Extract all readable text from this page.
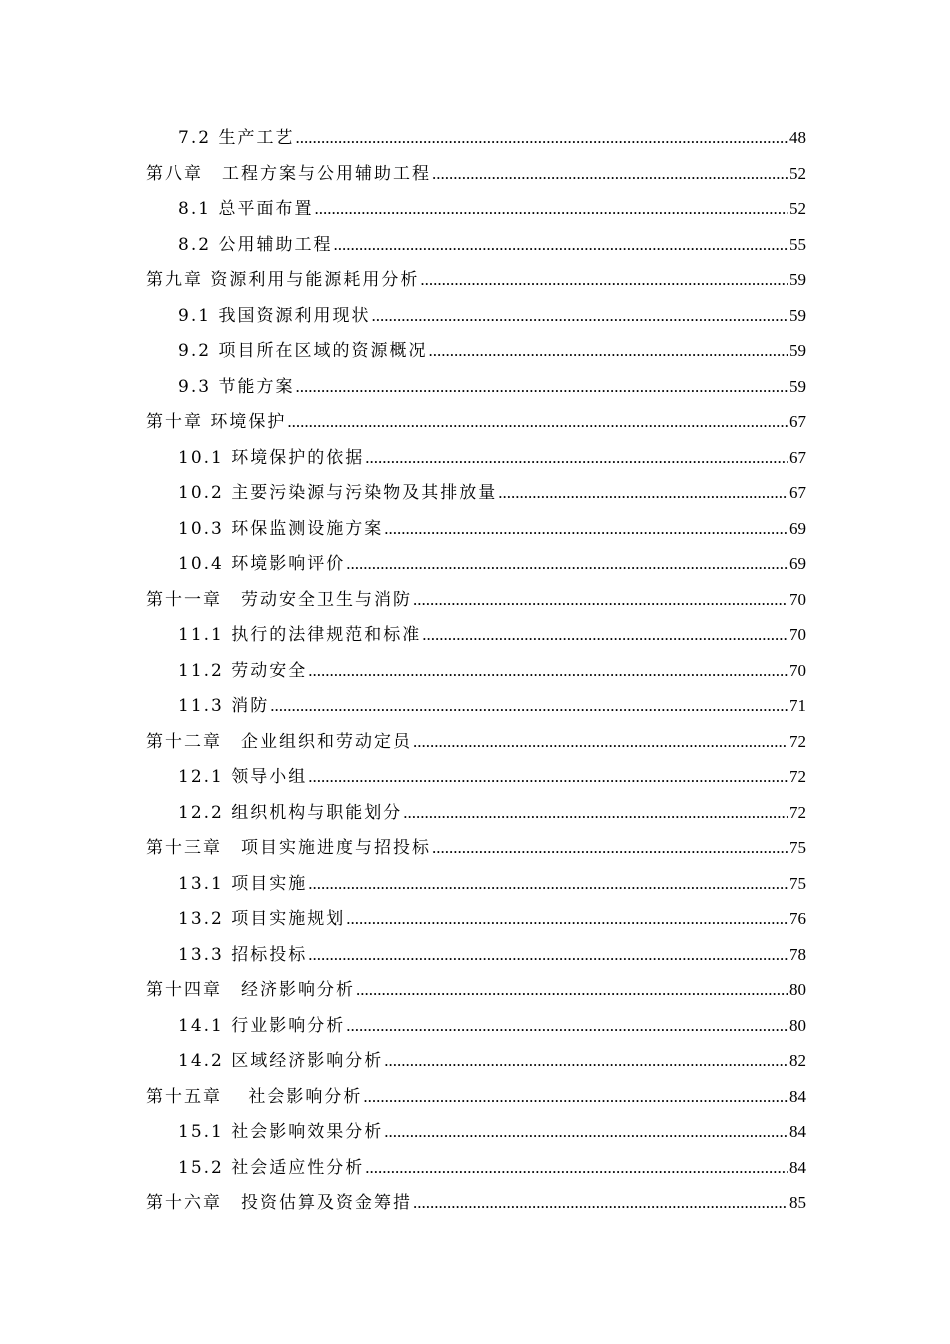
7.2 生产工艺 .....	48
第八章　工程方案与公用辅助工程 .....	52
8.1 总平面布置 .....	52
8.2 公用辅助工程 .....	55
第九章 资源利用与能源耗用分析 .....	59
9.1 我国资源利用现状 .....	59
9.2 项目所在区域的资源概况 .....	59
9.3 节能方案 .....	59
第十章 环境保护 .....	67
10.1 环境保护的依据 .....	67
10.2 主要污染源与污染物及其排放量 .....	67
10.3 环保监测设施方案 .....	69
10.4 环境影响评价 .....	69
第十一章　劳动安全卫生与消防 .....	70
11.1 执行的法律规范和标准 .....	70
11.2 劳动安全 .....	70
11.3 消防 .....	71
第十二章　企业组织和劳动定员 .....	72
12.1 领导小组 .....	72
12.2 组织机构与职能划分 .....	72
第十三章　项目实施进度与招投标 .....	75
13.1 项目实施 .....	75
13.2 项目实施规划 .....	76
13.3 招标投标 .....	78
第十四章　经济影响分析 .....	80
14.1 行业影响分析 .....	80
14.2 区域经济影响分析 .....	82
第十五章　 社会影响分析 .....	84
15.1 社会影响效果分析 .....	84
15.2 社会适应性分析 .....	84
第十六章　投资估算及资金筹措 .....	85
